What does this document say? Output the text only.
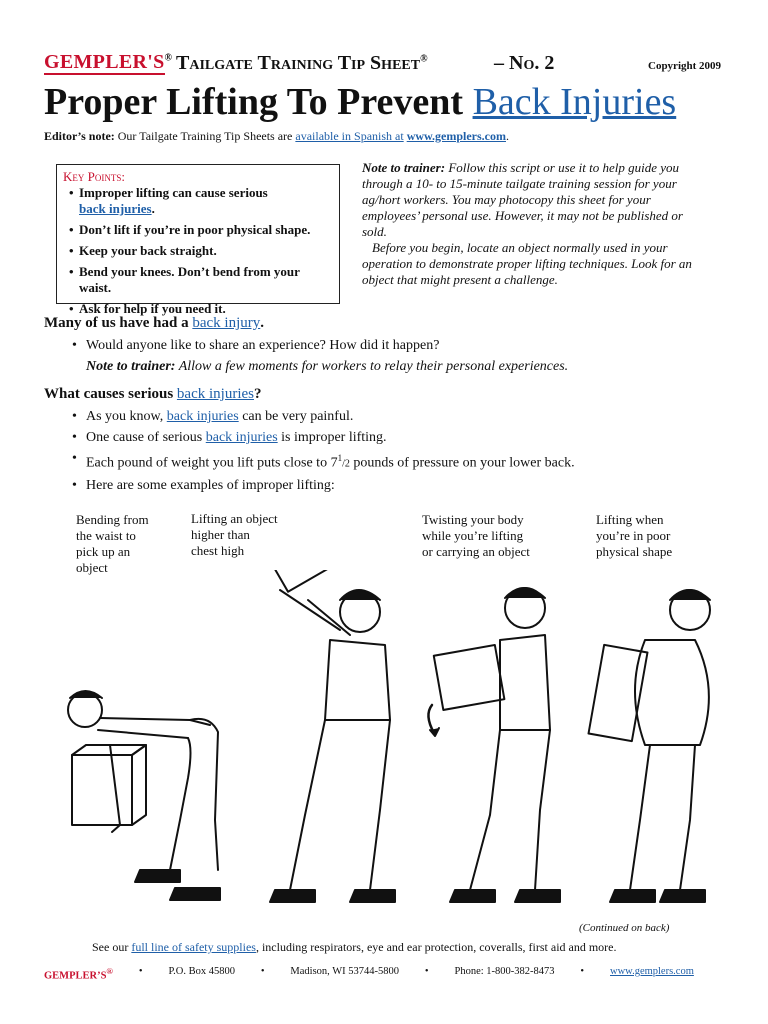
GEMPLER'S® Tailgate Training Tip Sheet®	– No. 2	Copyright 2009
Proper Lifting To Prevent Back Injuries
Editor’s note: Our Tailgate Training Tip Sheets are available in Spanish at www.gemplers.com.
Key Points:
• Improper lifting can cause serious
back injuries.
• Don’t lift if you’re in poor physical shape.
• Keep your back straight.
• Bend your knees. Don’t bend from your waist.
• Ask for help if you need it.

Note to trainer: Follow this script or use it to help guide you through a 10- to 15-minute tailgate training session for your ag/hort workers. You may photocopy this sheet for your employees’ personal use. However, it may not be published or sold.

Before you begin, locate an object normally used in your operation to demonstrate proper lifting techniques. Look for an object that might present a challenge.

Many of us have had a back injury.
• Would anyone like to share an experience? How did it happen?
Note to trainer: Allow a few moments for workers to relay their personal experiences.
What causes serious back injuries?
• As you know, back injuries can be very painful.
• One cause of serious back injuries is improper lifting.
• Each pound of weight you lift puts close to $7^1/2$ pounds of pressure on your lower back.
• Here are some examples of improper lifting:
Bending from the waist to pick up an object
Lifting an object
higher than
chest high
Twisting your body
while you’re lifting
or carrying an object
Lifting when
you’re in poor
physical shape
(Continued on back)
See our full line of safety supplies, including respirators, eye and ear protection, coveralls, first aid and more.
GEMPLER’S® • P.O. Box 45800 • Madison, WI 53744-5800 • Phone: 1-800-382-8473 • www.gemplers.com
